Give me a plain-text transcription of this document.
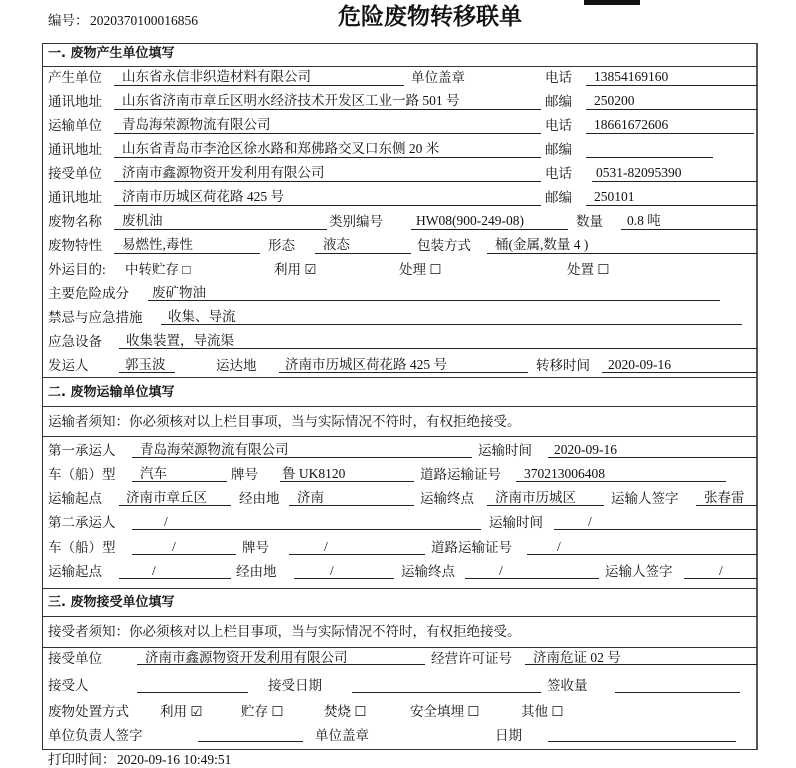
编号： 2020370100016856	危险废物转移联单
一. 废物产生单位填写
产生单位 山东省永信非织造材料有限公司	单位盖章	电话 13854169160
通讯地址 山东省济南市章丘区明水经济技术开发区工业一路 501 号	邮编 250200
运输单位 青岛海荣源物流有限公司	电话 18661672606
通讯地址 山东省青岛市李沧区徐水路和郑佛路交叉口东侧 20 米	邮编
接受单位 济南市鑫源物资开发利用有限公司	电话 0531-82095390
通讯地址 济南市历城区荷花路 425 号	邮编 250101
废物名称 废机油	类别编号 HW08(900-249-08)	数量 0.8 吨
废物特性 易燃性,毒性	形态 液态	包装方式 桶(金属,数量 4 )
外运目的: 中转贮存 □	利用 ☑	处理 ☐	处置 ☐
主要危险成分 废矿物油
禁忌与应急措施 收集、导流
应急设备 收集装置，导流渠
发运人	郭玉波	运达地 济南市历城区荷花路 425 号	转移时间 2020-09-16
二. 废物运输单位填写
运输者须知：你必须核对以上栏目事项，当与实际情况不符时，有权拒绝接受。
第一承运人 青岛海荣源物流有限公司	运输时间 2020-09-16
车（船）型 汽车	牌号 鲁 UK8120	道路运输证号 370213006408
运输起点 济南市章丘区 经由地 济南	运输终点 济南市历城区	运输人签字 张春雷
第二承运人	/	运输时间	/
车（船）型	/	牌号	/	道路运输证号	/
运输起点	/	经由地	/	运输终点	/	运输人签字	/
三. 废物接受单位填写
接受者须知：你必须核对以上栏目事项，当与实际情况不符时，有权拒绝接受。
接受单位	济南市鑫源物资开发利用有限公司	经营许可证号 济南危证 02 号
接受人	接受日期	签收量
废物处置方式 利用 ☑	贮存 ☐	焚烧 ☐	安全填埋 ☐	其他 ☐
单位负责人签字	单位盖章	日期
打印时间： 2020-09-16 10:49:51
